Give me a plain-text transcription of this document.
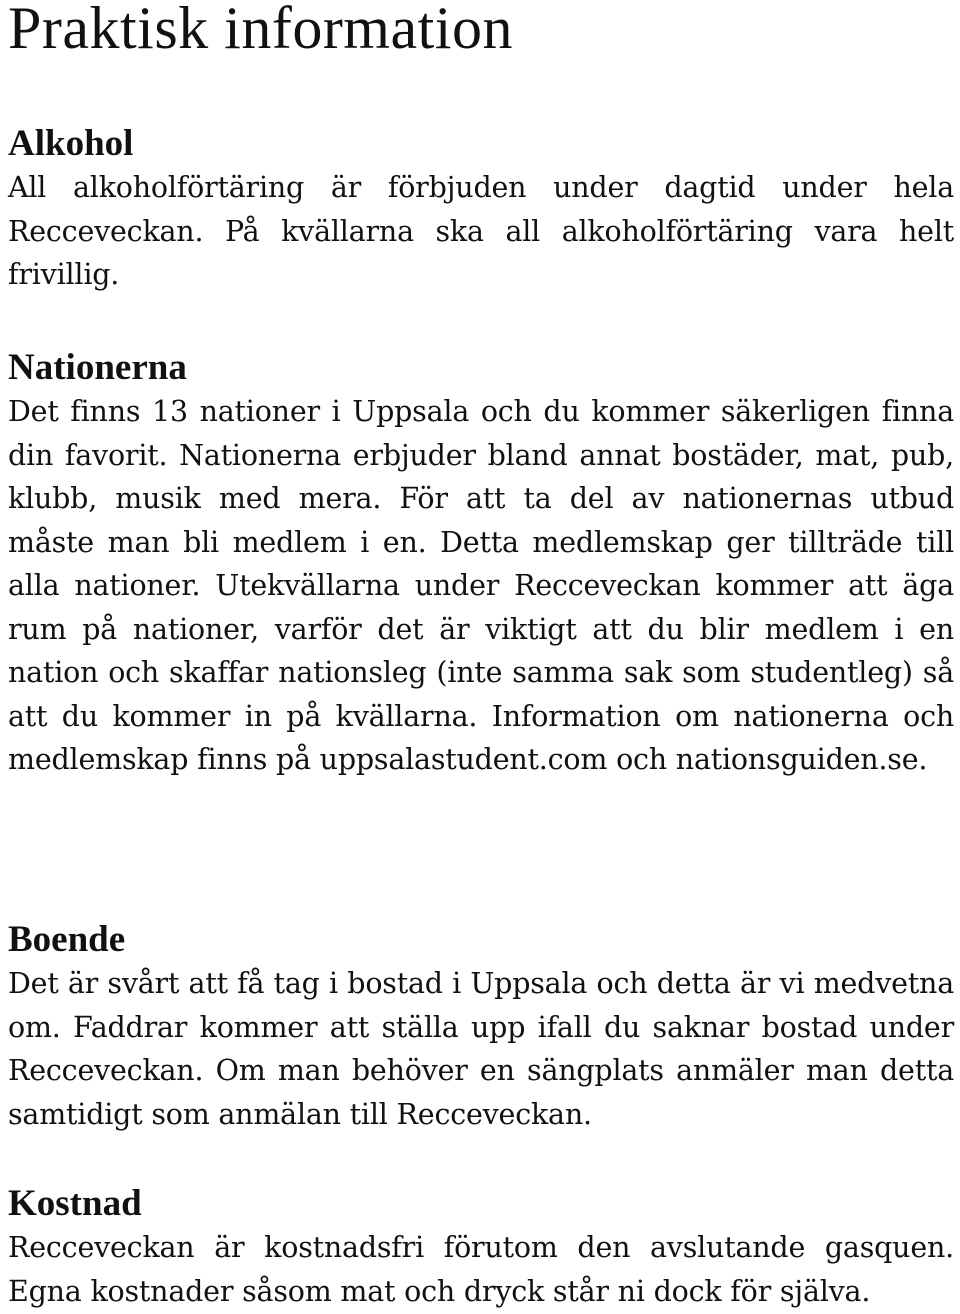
Praktisk information
Alkohol

All alkoholförtäring är förbjuden under dagtid under hela Recceveckan. På kvällarna ska all alkoholförtäring vara helt frivillig.

Nationerna

Det finns 13 nationer i Uppsala och du kommer säkerligen finna din favorit. Nationerna erbjuder bland annat bostäder, mat, pub, klubb, musik med mera. För att ta del av nationernas utbud måste man bli medlem i en. Detta medlemskap ger tillträde till alla nationer. Utekvällarna under Recceveckan kommer att äga rum på nationer, varför det är viktigt att du blir medlem i en nation och skaffar nationsleg (inte samma sak som studentleg) så att du kommer in på kvällarna. Information om nationerna och medlemskap finns på uppsalastudent.com och nationsguiden.se.

Boende

Det är svårt att få tag i bostad i Uppsala och detta är vi medvetna om. Faddrar kommer att ställa upp ifall du saknar bostad under Recceveckan. Om man behöver en sängplats anmäler man detta samtidigt som anmälan till Recceveckan.

Kostnad

Recceveckan är kostnadsfri förutom den avslutande gasquen. Egna kostnader såsom mat och dryck står ni dock för själva.
